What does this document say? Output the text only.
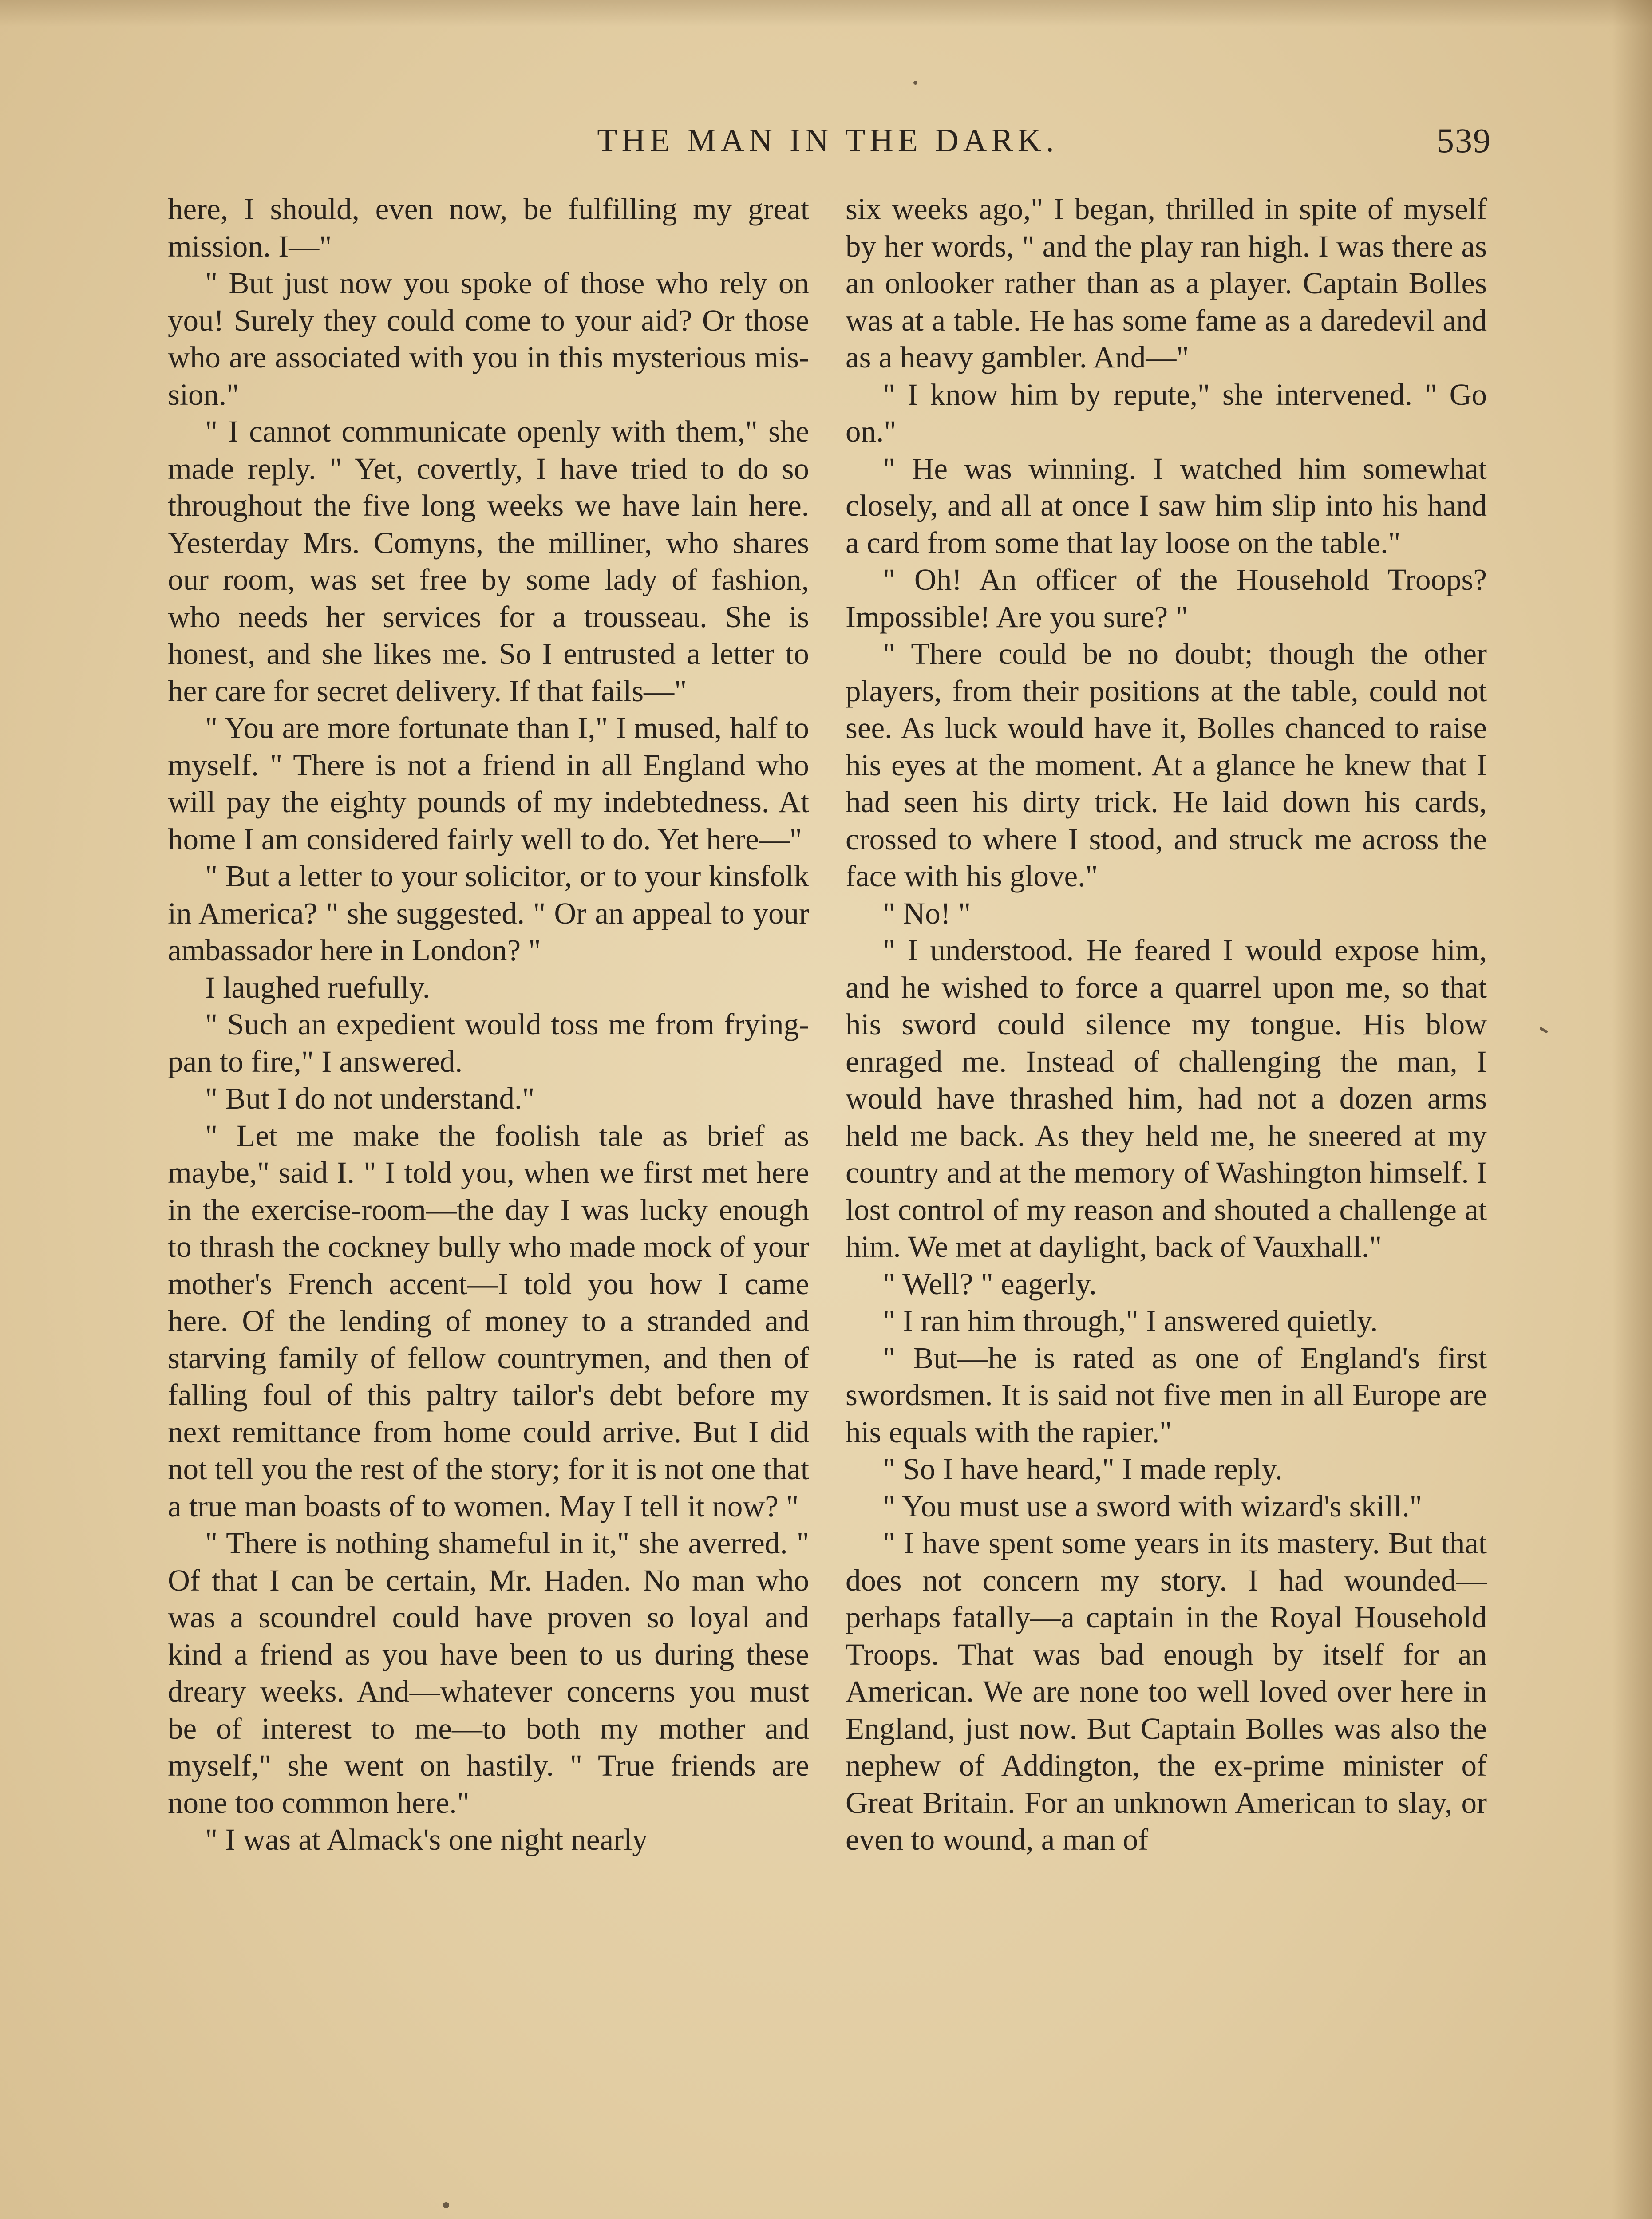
THE MAN IN THE DARK.	539

here, I should, even now, be fulfilling my great mission. I—"

" But just now you spoke of those who rely on you! Surely they could come to your aid? Or those who are associated with you in this mysterious mission."

" I cannot communicate openly with them," she made reply. " Yet, covertly, I have tried to do so throughout the five long weeks we have lain here. Yesterday Mrs. Comyns, the milliner, who shares our room, was set free by some lady of fashion, who needs her services for a trousseau. She is honest, and she likes me. So I entrusted a letter to her care for secret delivery. If that fails—"

" You are more fortunate than I," I mused, half to myself. " There is not a friend in all England who will pay the eighty pounds of my indebtedness. At home I am considered fairly well to do. Yet here—"

" But a letter to your solicitor, or to your kinsfolk in America? " she suggested. " Or an appeal to your ambassador here in London? "

I laughed ruefully.

" Such an expedient would toss me from frying-pan to fire," I answered.

" But I do not understand."

" Let me make the foolish tale as brief as maybe," said I. " I told you, when we first met here in the exercise-room—the day I was lucky enough to thrash the cockney bully who made mock of your mother's French accent—I told you how I came here. Of the lending of money to a stranded and starving family of fellow countrymen, and then of falling foul of this paltry tailor's debt before my next remittance from home could arrive. But I did not tell you the rest of the story; for it is not one that a true man boasts of to women. May I tell it now? "

" There is nothing shameful in it," she averred. " Of that I can be certain, Mr. Haden. No man who was a scoundrel could have proven so loyal and kind a friend as you have been to us during these dreary weeks. And—whatever concerns you must be of interest to me—to both my mother and myself," she went on hastily. " True friends are none too common here."

" I was at Almack's one night nearly

six weeks ago," I began, thrilled in spite of myself by her words, " and the play ran high. I was there as an onlooker rather than as a player. Captain Bolles was at a table. He has some fame as a daredevil and as a heavy gambler. And—"

" I know him by repute," she intervened. " Go on."

" He was winning. I watched him somewhat closely, and all at once I saw him slip into his hand a card from some that lay loose on the table."

" Oh! An officer of the Household Troops? Impossible! Are you sure? "

" There could be no doubt; though the other players, from their positions at the table, could not see. As luck would have it, Bolles chanced to raise his eyes at the moment. At a glance he knew that I had seen his dirty trick. He laid down his cards, crossed to where I stood, and struck me across the face with his glove."

" No! "

" I understood. He feared I would expose him, and he wished to force a quarrel upon me, so that his sword could silence my tongue. His blow enraged me. Instead of challenging the man, I would have thrashed him, had not a dozen arms held me back. As they held me, he sneered at my country and at the memory of Washington himself. I lost control of my reason and shouted a challenge at him. We met at daylight, back of Vauxhall."

" Well? " eagerly.

" I ran him through," I answered quietly.

" But—he is rated as one of England's first swordsmen. It is said not five men in all Europe are his equals with the rapier."

" So I have heard," I made reply.

" You must use a sword with wizard's skill."

" I have spent some years in its mastery. But that does not concern my story. I had wounded—perhaps fatally—a captain in the Royal Household Troops. That was bad enough by itself for an American. We are none too well loved over here in England, just now. But Captain Bolles was also the nephew of Addington, the ex-prime minister of Great Britain. For an unknown American to slay, or even to wound, a man of
